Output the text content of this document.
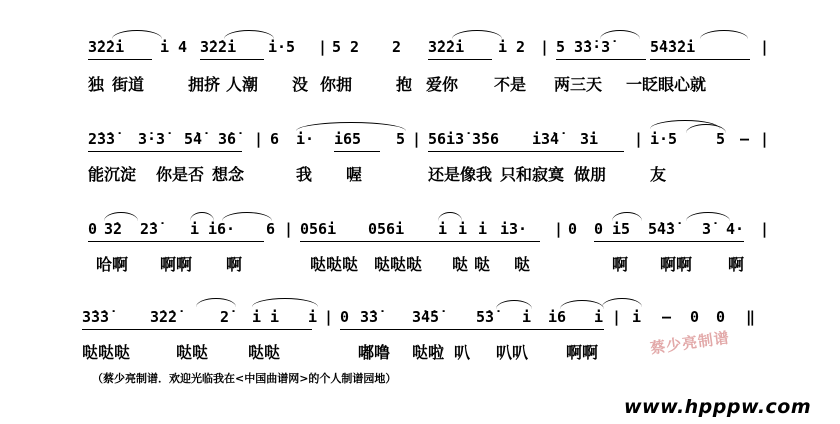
3̇2̇2̇i i 4 3̇2̇2̇i i·5 | 5 2 2 3̇2̇2̇i i 2 | 5 3̇3̇·3̇	5̇4̇3̇2̇i	|
独 街道	拥挤 人潮 没 你拥	抱 爱你 不是 两三天 一眨眼心就
2̇3̇3̇ 3̇·3̇ 5̇4̇ 3̇6̇ | 6 i· i65 5 | 56i3̇ 3̇56 i3̇4̇ 3̇i | i·5	5 – |
能沉淀 你是否 想念	我 喔	还是像我 只和寂寞 做朋	友
0 3̇2 2̇3̇ i i6· 6 | 056i 056i i i i i3· | 0 0 i5 5̇4̇3̇ 3̇ 4· |
哈啊 啊啊 啊	哒哒哒 哒哒哒 哒 哒 哒	啊 啊啊 啊
3̇3̇3̇	3̇2̇2̇	2̇ i i i | 0 3̇3̇ 3̇4̇5̇ 5̇3̇ i i6 i | i – 0 0 ‖
哒哒哒	哒哒 哒哒	嘟噜 哒啦 叭 叭叭 啊啊
（蔡少亮制谱．欢迎光临我在<中国曲谱网>的个人制谱园地）
蔡少亮制谱
www.hpppw.com
